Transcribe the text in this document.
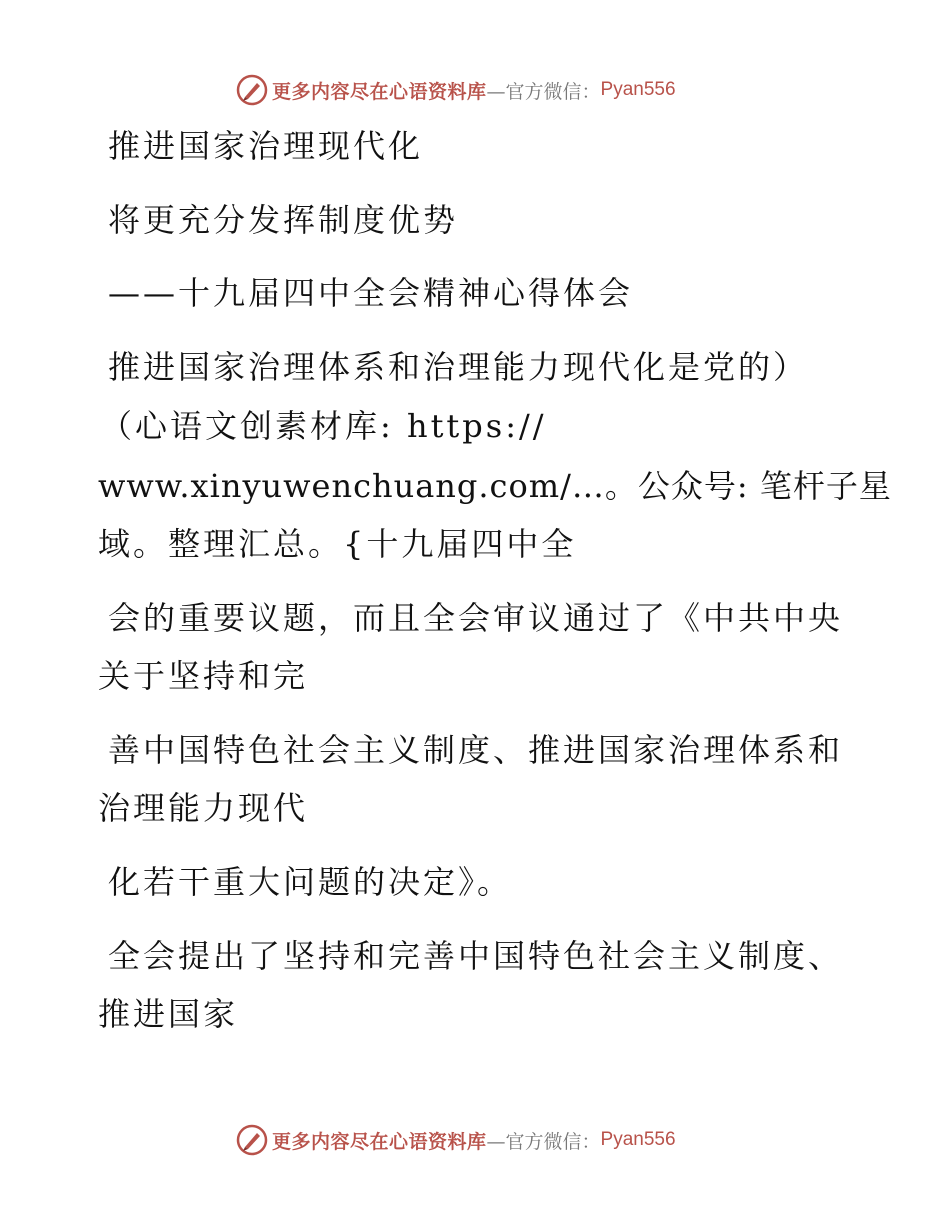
更多内容尽在心语资料库 —官方微信： Pyan556
推进国家治理现代化
将更充分发挥制度优势
——十九届四中全会精神心得体会
推进国家治理体系和治理能力现代化是党的）
（心语文创素材库: https://
www.xinyuwenchuang.com/…。公众号: 笔杆子星
域。整理汇总。{十九届四中全
会的重要议题，而且全会审议通过了《中共中央
关于坚持和完
善中国特色社会主义制度、推进国家治理体系和
治理能力现代
化若干重大问题的决定》。
全会提出了坚持和完善中国特色社会主义制度、
推进国家
更多内容尽在心语资料库 —官方微信： Pyan556
